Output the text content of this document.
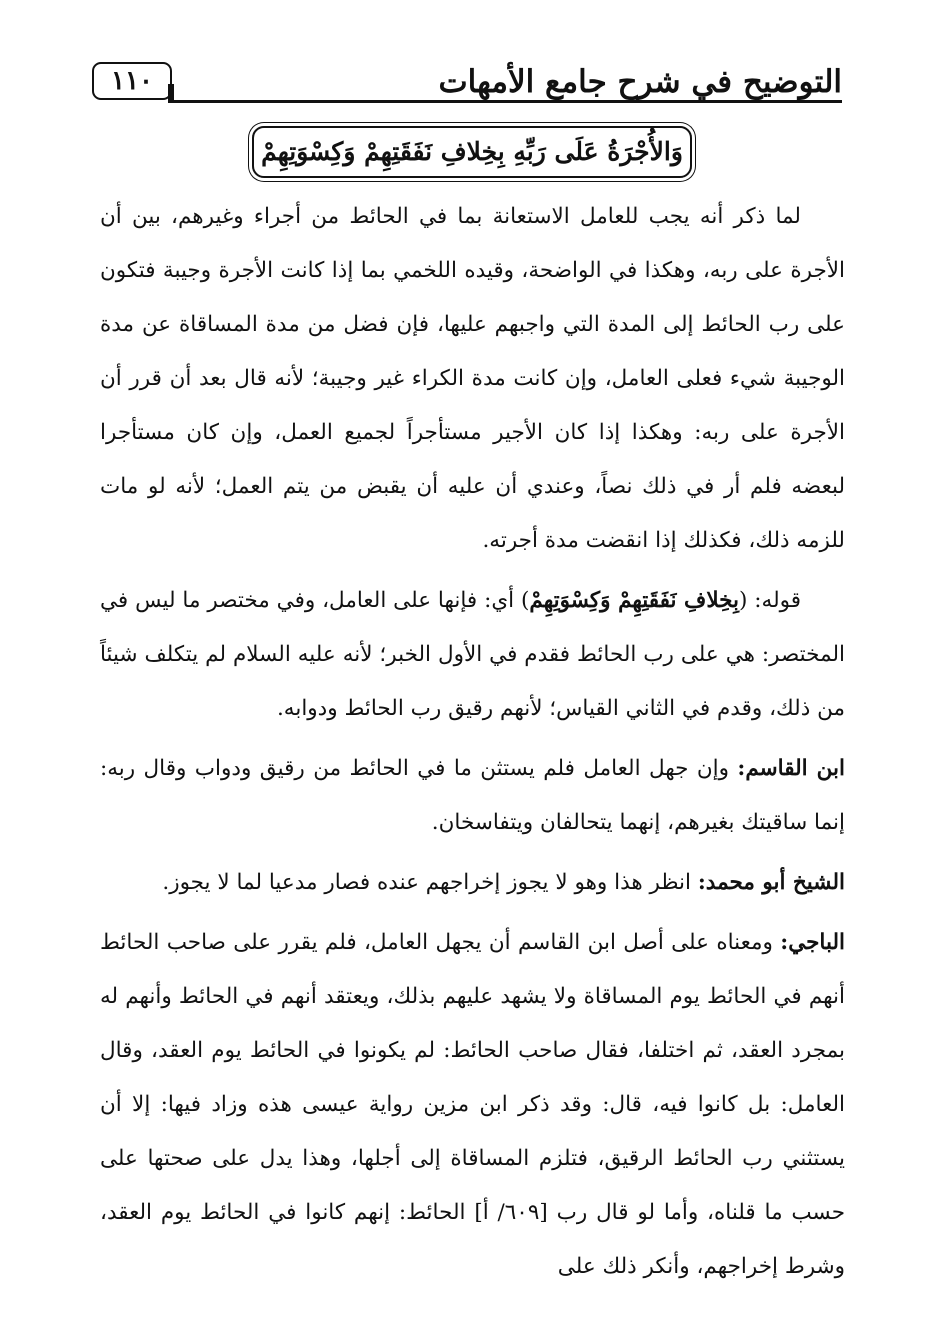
التوضيح في شرح جامع الأمهات
١١٠
وَالأُجْرَةُ عَلَى رَبِّهِ بِخِلافِ نَفَقَتِهِمْ وَكِسْوَتِهِمْ

لما ذكر أنه يجب للعامل الاستعانة بما في الحائط من أجراء وغيرهم، بين أن الأجرة على ربه، وهكذا في الواضحة، وقيده اللخمي بما إذا كانت الأجرة وجيبة فتكون على رب الحائط إلى المدة التي واجبهم عليها، فإن فضل من مدة المساقاة عن مدة الوجيبة شيء فعلى العامل، وإن كانت مدة الكراء غير وجيبة؛ لأنه قال بعد أن قرر أن الأجرة على ربه: وهكذا إذا كان الأجير مستأجراً لجميع العمل، وإن كان مستأجرا لبعضه فلم أر في ذلك نصاً، وعندي أن عليه أن يقبض من يتم العمل؛ لأنه لو مات للزمه ذلك، فكذلك إذا انقضت مدة أجرته.

قوله: (بِخِلافِ نَفَقَتِهِمْ وَكِسْوَتِهِمْ) أي: فإنها على العامل، وفي مختصر ما ليس في المختصر: هي على رب الحائط فقدم في الأول الخبر؛ لأنه عليه السلام لم يتكلف شيئاً من ذلك، وقدم في الثاني القياس؛ لأنهم رقيق رب الحائط ودوابه.

ابن القاسم: وإن جهل العامل فلم يستثن ما في الحائط من رقيق ودواب وقال ربه: إنما ساقيتك بغيرهم، إنهما يتحالفان ويتفاسخان.

الشيخ أبو محمد: انظر هذا وهو لا يجوز إخراجهم عنده فصار مدعيا لما لا يجوز.

الباجي: ومعناه على أصل ابن القاسم أن يجهل العامل، فلم يقرر على صاحب الحائط أنهم في الحائط يوم المساقاة ولا يشهد عليهم بذلك، ويعتقد أنهم في الحائط وأنهم له بمجرد العقد، ثم اختلفا، فقال صاحب الحائط: لم يكونوا في الحائط يوم العقد، وقال العامل: بل كانوا فيه، قال: وقد ذكر ابن مزين رواية عيسى هذه وزاد فيها: إلا أن يستثني رب الحائط الرقيق، فتلزم المساقاة إلى أجلها، وهذا يدل على صحتها على حسب ما قلناه، وأما لو قال رب [٦٠٩/ أ] الحائط: إنهم كانوا في الحائط يوم العقد، وشرط إخراجهم، وأنكر ذلك على
